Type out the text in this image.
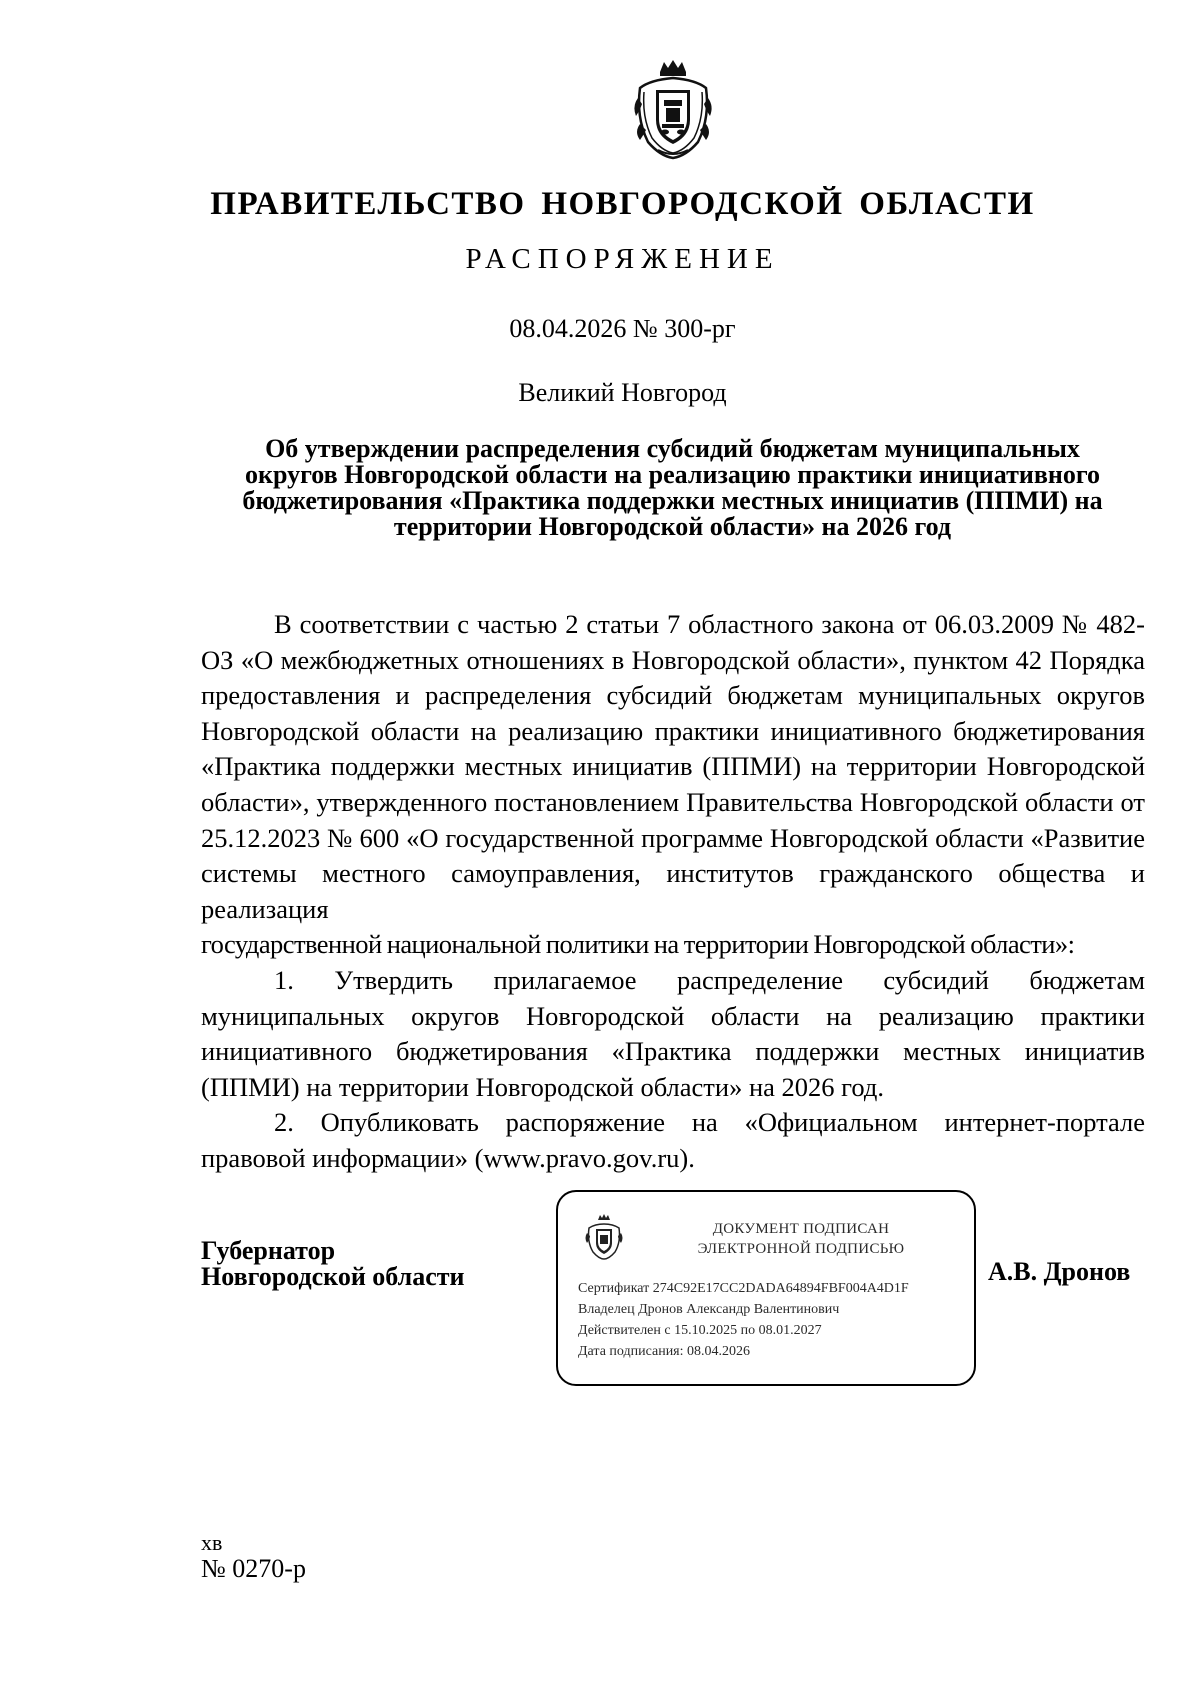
ПРАВИТЕЛЬСТВО НОВГОРОДСКОЙ ОБЛАСТИ
РАСПОРЯЖЕНИЕ
08.04.2026 № 300-рг
Великий Новгород
Об утверждении распределения субсидий бюджетам муниципальных
округов Новгородской области на реализацию практики инициативного
бюджетирования «Практика поддержки местных инициатив (ППМИ) на
территории Новгородской области» на 2026 год

В соответствии с частью 2 статьи 7 областного закона от 06.03.2009 № 482-ОЗ «О межбюджетных отношениях в Новгородской области», пунктом 42 Порядка предоставления и распределения субсидий бюджетам муниципальных округов Новгородской области на реализацию практики инициативного бюджетирования «Практика поддержки местных инициатив (ППМИ) на территории Новгородской области», утвержденного постановлением Правительства Новгородской области от 25.12.2023 № 600 «О государственной программе Новгородской области «Развитие системы местного самоуправления, институтов гражданского общества и реализация

государственной национальной политики на территории Новгородской области»:

1. Утвердить прилагаемое распределение субсидий бюджетам муниципальных округов Новгородской области на реализацию практики инициативного бюджетирования «Практика поддержки местных инициатив (ППМИ) на территории Новгородской области» на 2026 год.

2. Опубликовать распоряжение на «Официальном интернет-портале правовой информации» (www.pravo.gov.ru).

Губернатор
Новгородской области
ДОКУМЕНТ ПОДПИСАН
ЭЛЕКТРОННОЙ ПОДПИСЬЮ
Сертификат 274C92E17CC2DADA64894FBF004A4D1F
Владелец Дронов Александр Валентинович
Действителен с 15.10.2025 по 08.01.2027
Дата подписания: 08.04.2026
А.В. Дронов
хв
№ 0270-р
